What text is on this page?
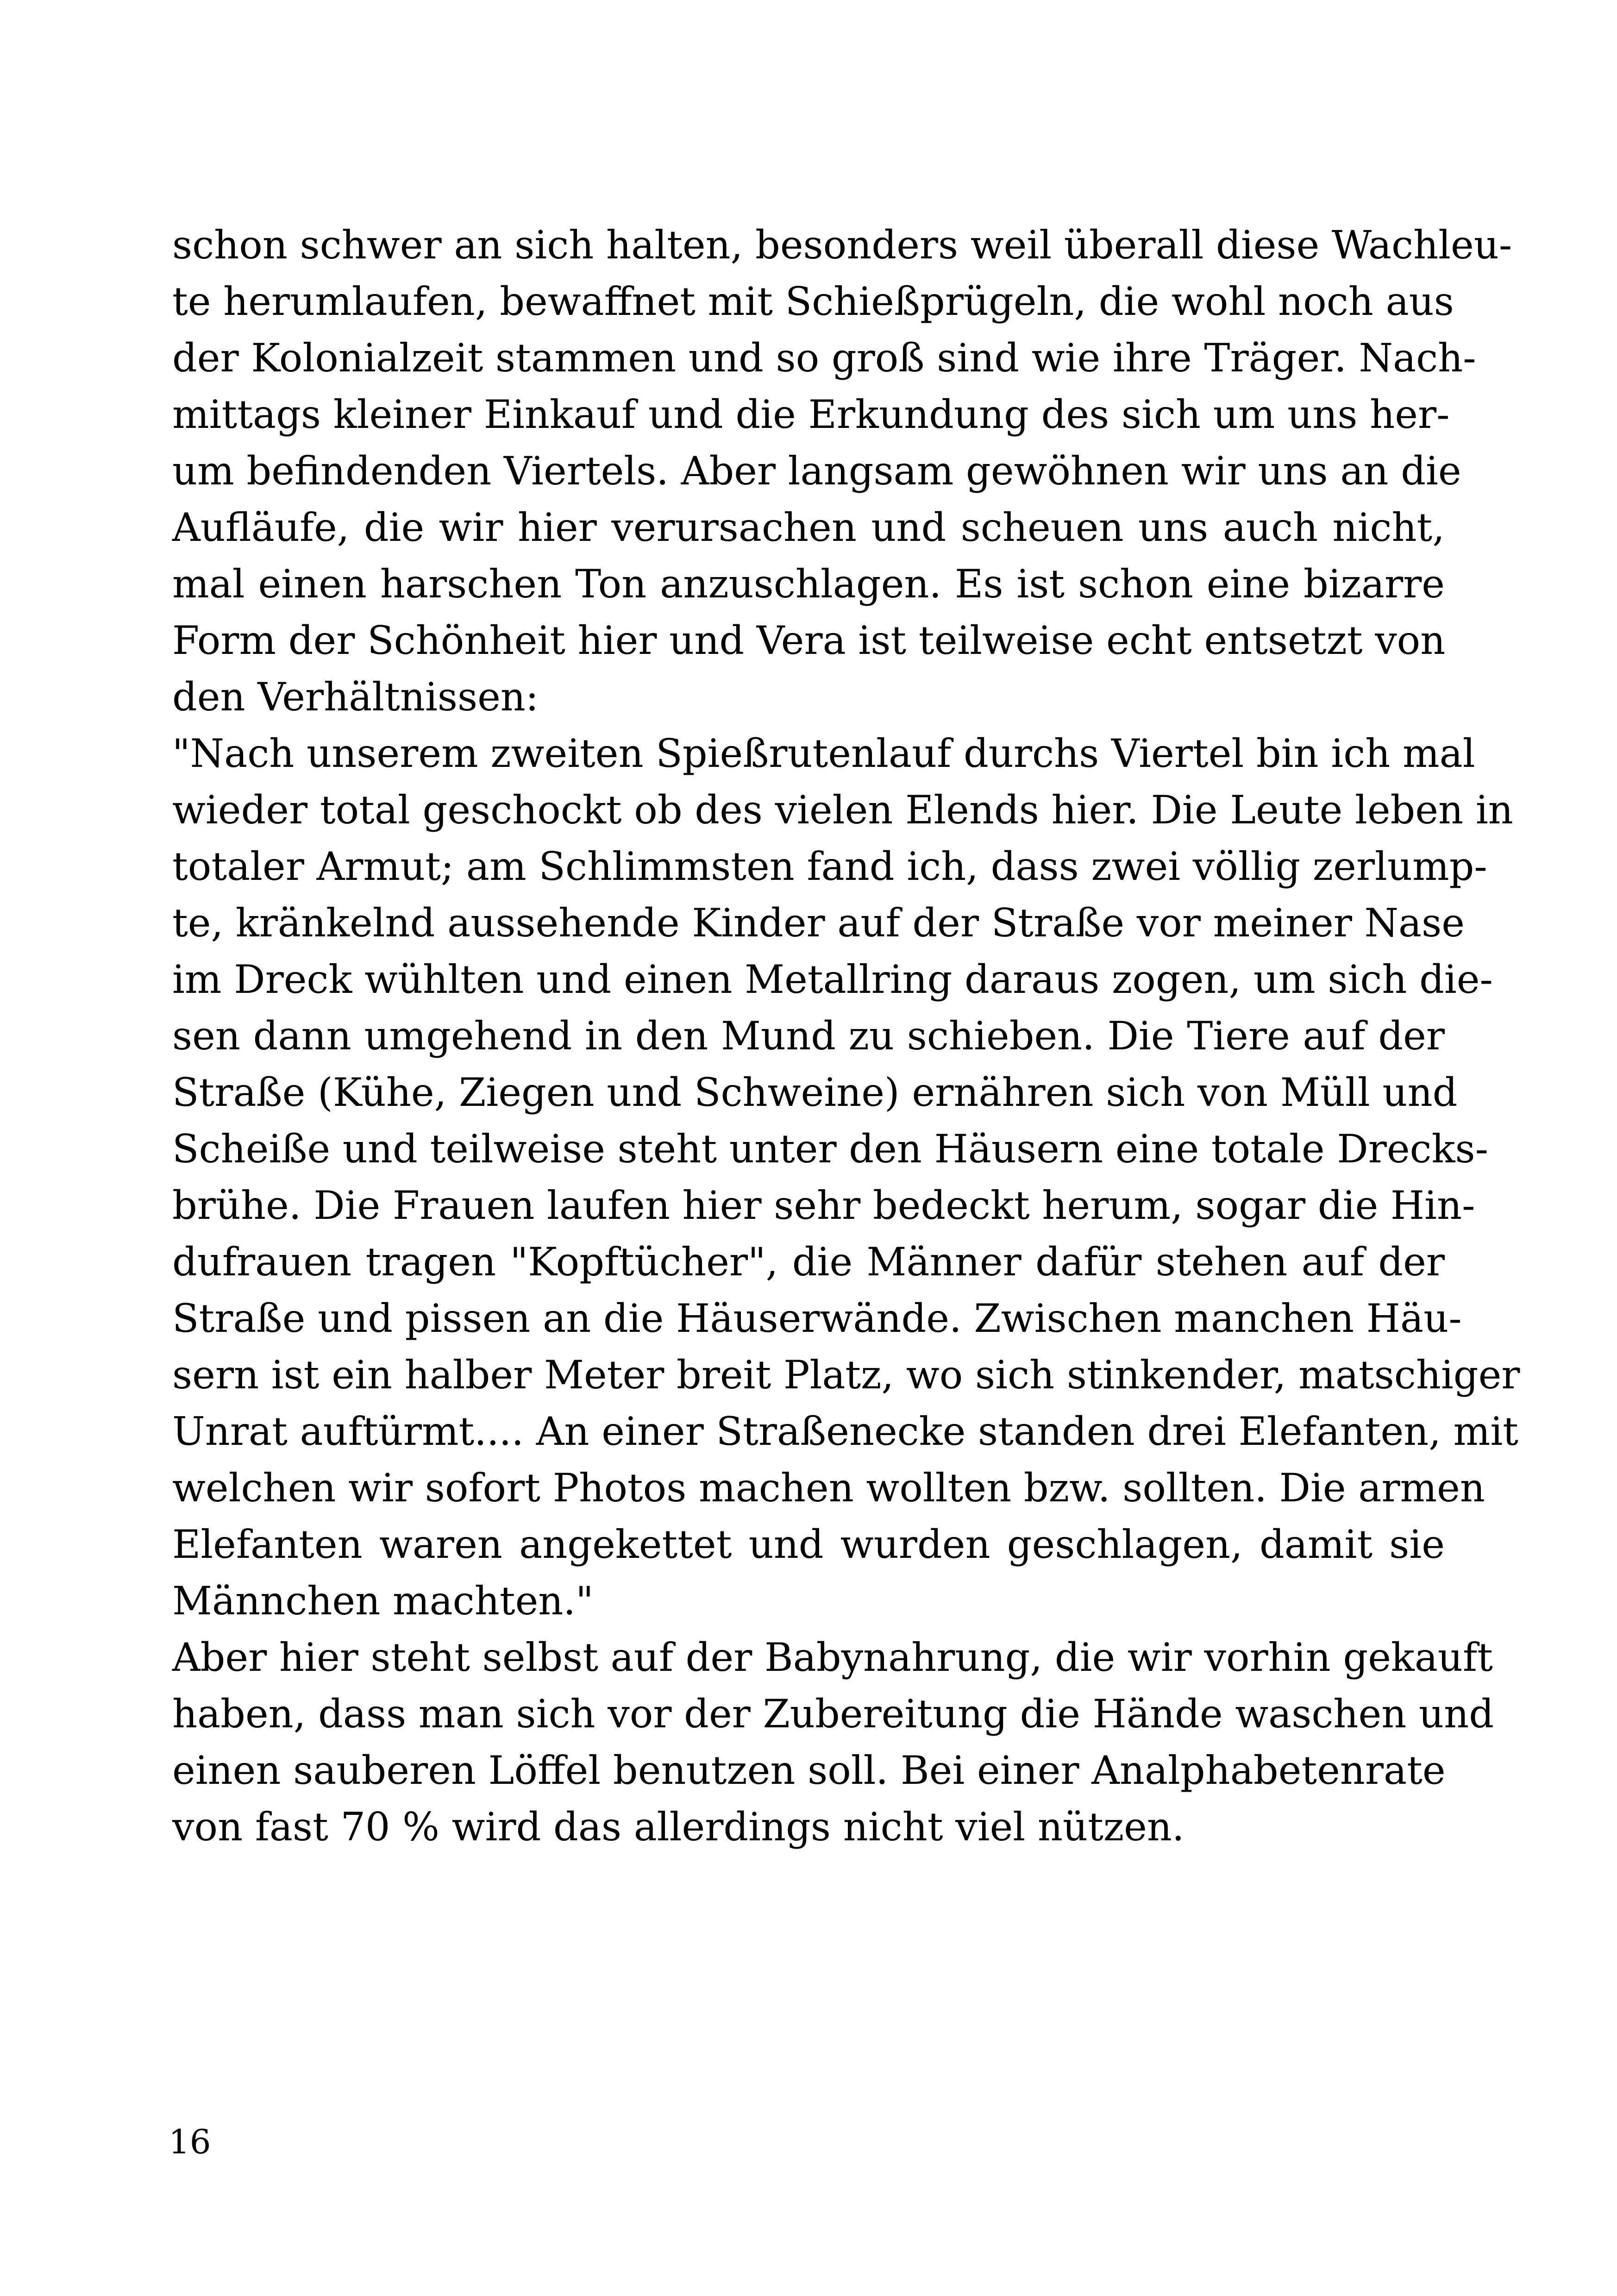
schon schwer an sich halten, besonders weil überall diese Wachleu-
te herumlaufen, bewaffnet mit Schießprügeln, die wohl noch aus
der Kolonialzeit stammen und so groß sind wie ihre Träger. Nach-
mittags kleiner Einkauf und die Erkundung des sich um uns her-
um befindenden Viertels. Aber langsam gewöhnen wir uns an die
Aufläufe, die wir hier verursachen und scheuen uns auch nicht,
mal einen harschen Ton anzuschlagen. Es ist schon eine bizarre
Form der Schönheit hier und Vera ist teilweise echt entsetzt von
den Verhältnissen:
"Nach unserem zweiten Spießrutenlauf durchs Viertel bin ich mal
wieder total geschockt ob des vielen Elends hier. Die Leute leben in
totaler Armut; am Schlimmsten fand ich, dass zwei völlig zerlump-
te, kränkelnd aussehende Kinder auf der Straße vor meiner Nase
im Dreck wühlten und einen Metallring daraus zogen, um sich die-
sen dann umgehend in den Mund zu schieben. Die Tiere auf der
Straße (Kühe, Ziegen und Schweine) ernähren sich von Müll und
Scheiße und teilweise steht unter den Häusern eine totale Drecks-
brühe. Die Frauen laufen hier sehr bedeckt herum, sogar die Hin-
dufrauen tragen "Kopftücher", die Männer dafür stehen auf der
Straße und pissen an die Häuserwände. Zwischen manchen Häu-
sern ist ein halber Meter breit Platz, wo sich stinkender, matschiger
Unrat auftürmt.... An einer Straßenecke standen drei Elefanten, mit
welchen wir sofort Photos machen wollten bzw. sollten. Die armen
Elefanten waren angekettet und wurden geschlagen, damit sie
Männchen machten."
Aber hier steht selbst auf der Babynahrung, die wir vorhin gekauft
haben, dass man sich vor der Zubereitung die Hände waschen und
einen sauberen Löffel benutzen soll. Bei einer Analphabetenrate
von fast 70 % wird das allerdings nicht viel nützen.
16
